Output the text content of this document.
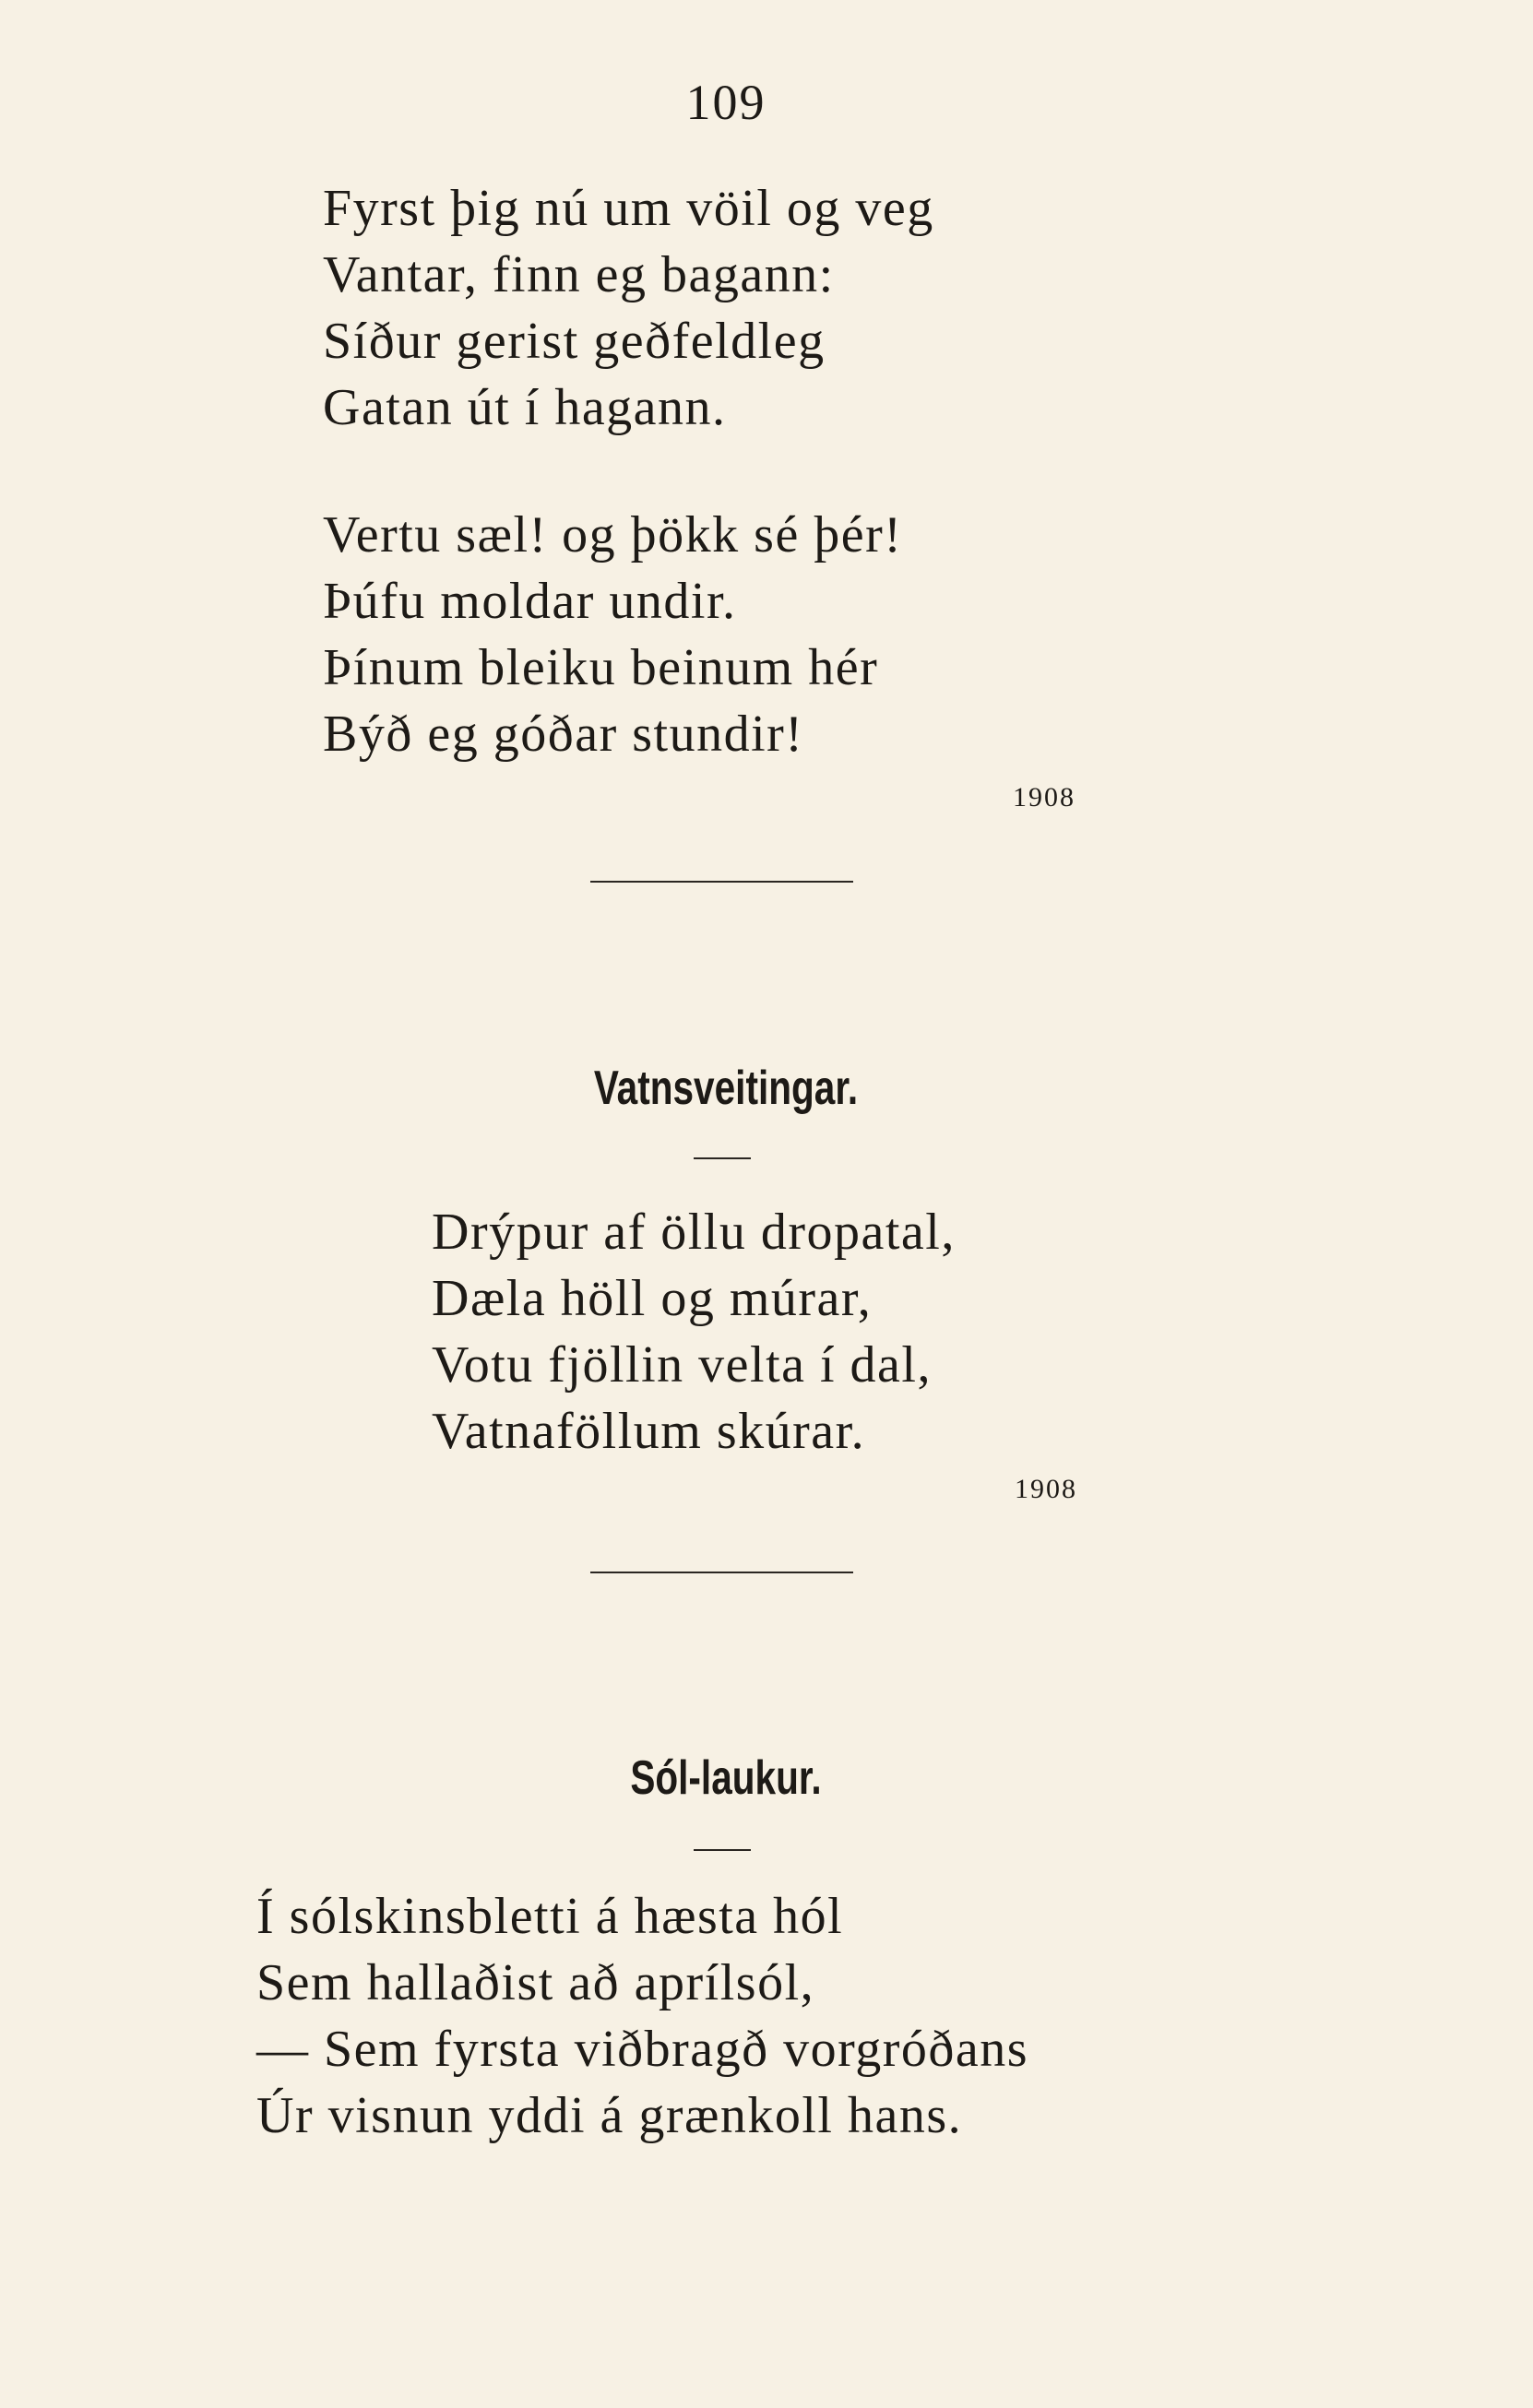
109
Fyrst þig nú um vöil og veg
Vantar, finn eg bagann:
Síður gerist geðfeldleg
Gatan út í hagann.
Vertu sæl! og þökk sé þér!
Þúfu moldar undir.
Þínum bleiku beinum hér
Býð eg góðar stundir!
1908
Vatnsveitingar.
Drýpur af öllu dropatal,
Dæla höll og múrar,
Votu fjöllin velta í dal,
Vatnaföllum skúrar.
1908
Sól-laukur.
Í sólskinsbletti á hæsta hól
Sem hallaðist að aprílsól,
— Sem fyrsta viðbragð vorgróðans
Úr visnun yddi á grænkoll hans.
